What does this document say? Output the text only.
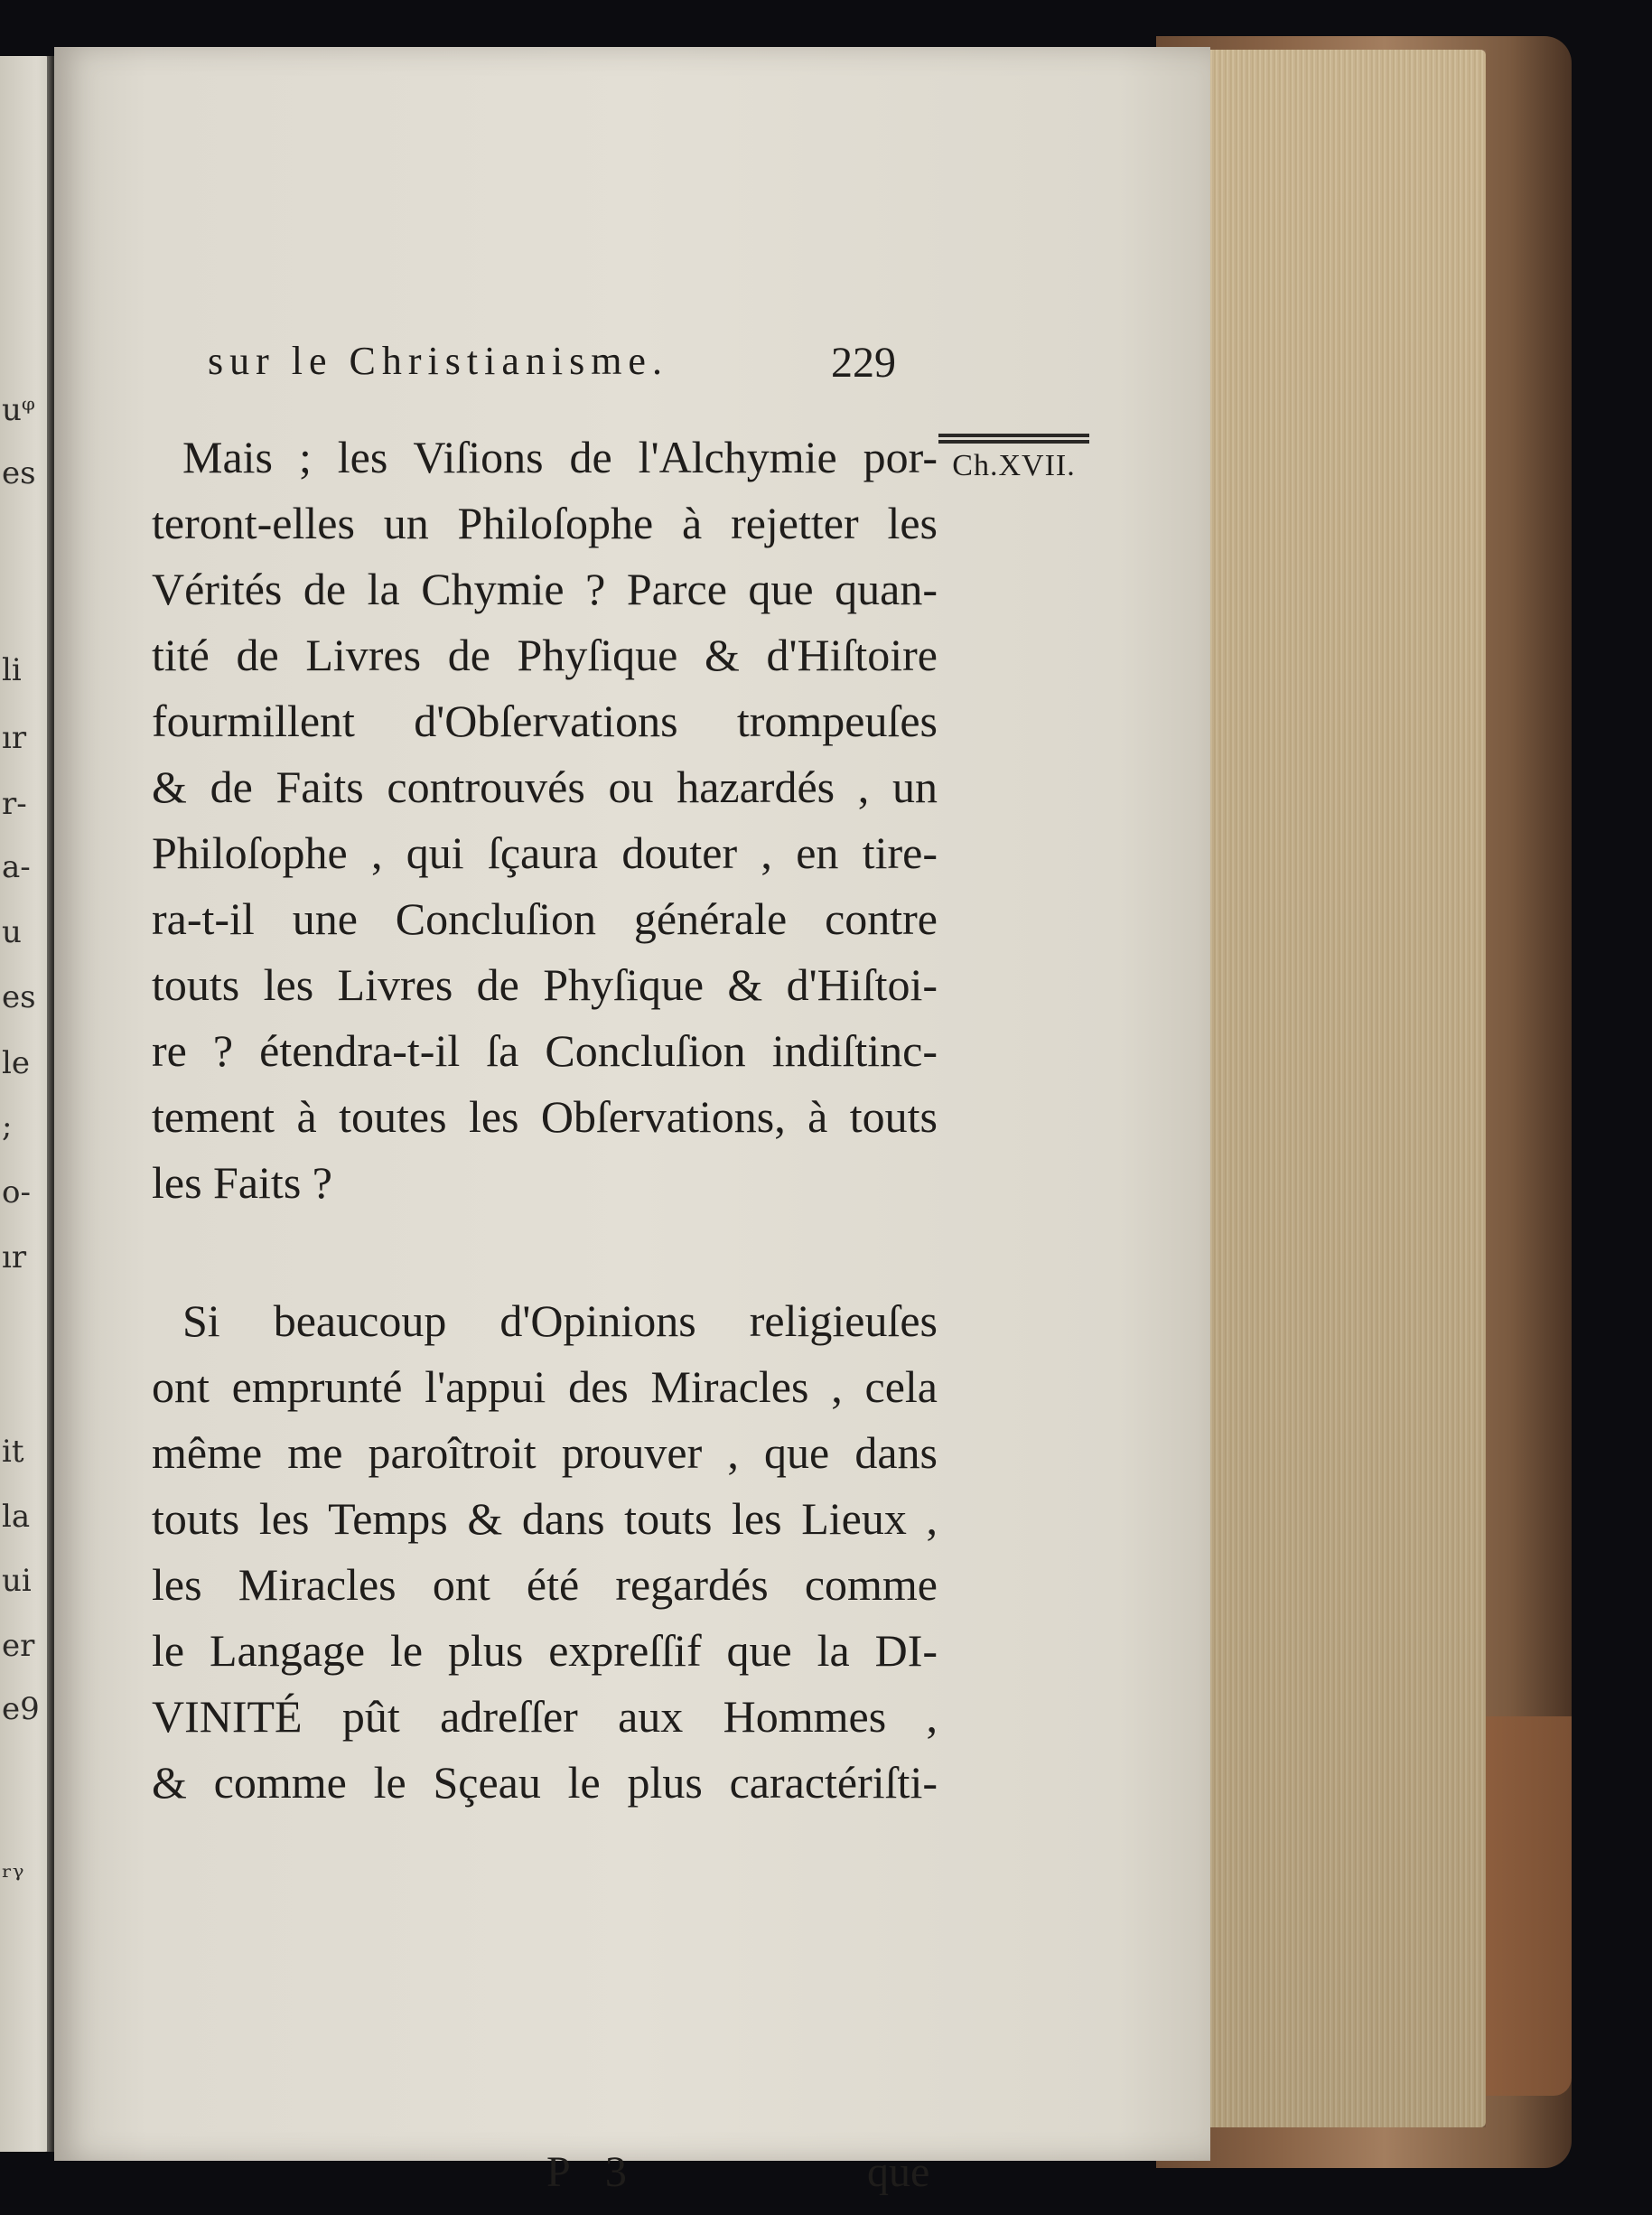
uᵠ
es
li
ır
r-
a-
u
es
le
;
o-
ır
it
la
ui
er
e9
ᵣᵧ
sur le Christianisme.	229
Ch.XVII.
Mais ; les Viſions de l'Alchymie por-
teront-elles un Philoſophe à rejetter les
Vérités de la Chymie ? Parce que quan-
tité de Livres de Phyſique & d'Hiſtoire
fourmillent d'Obſervations trompeuſes
& de Faits controuvés ou hazardés , un
Philoſophe , qui ſçaura douter , en tire-
ra-t-il une Concluſion générale contre
touts les Livres de Phyſique & d'Hiſtoi-
re ? étendra-t-il ſa Concluſion indiſtinc-
tement à toutes les Obſervations, à touts
les Faits ?
Si beaucoup d'Opinions religieuſes
ont emprunté l'appui des Miracles , cela
même me paroîtroit prouver , que dans
touts les Temps & dans touts les Lieux ,
les Miracles ont été regardés comme
le Langage le plus expreſſif que la DI-
VINITÉ pût adreſſer aux Hommes ,
& comme le Sçeau le plus caractériſti-
P 3	que
